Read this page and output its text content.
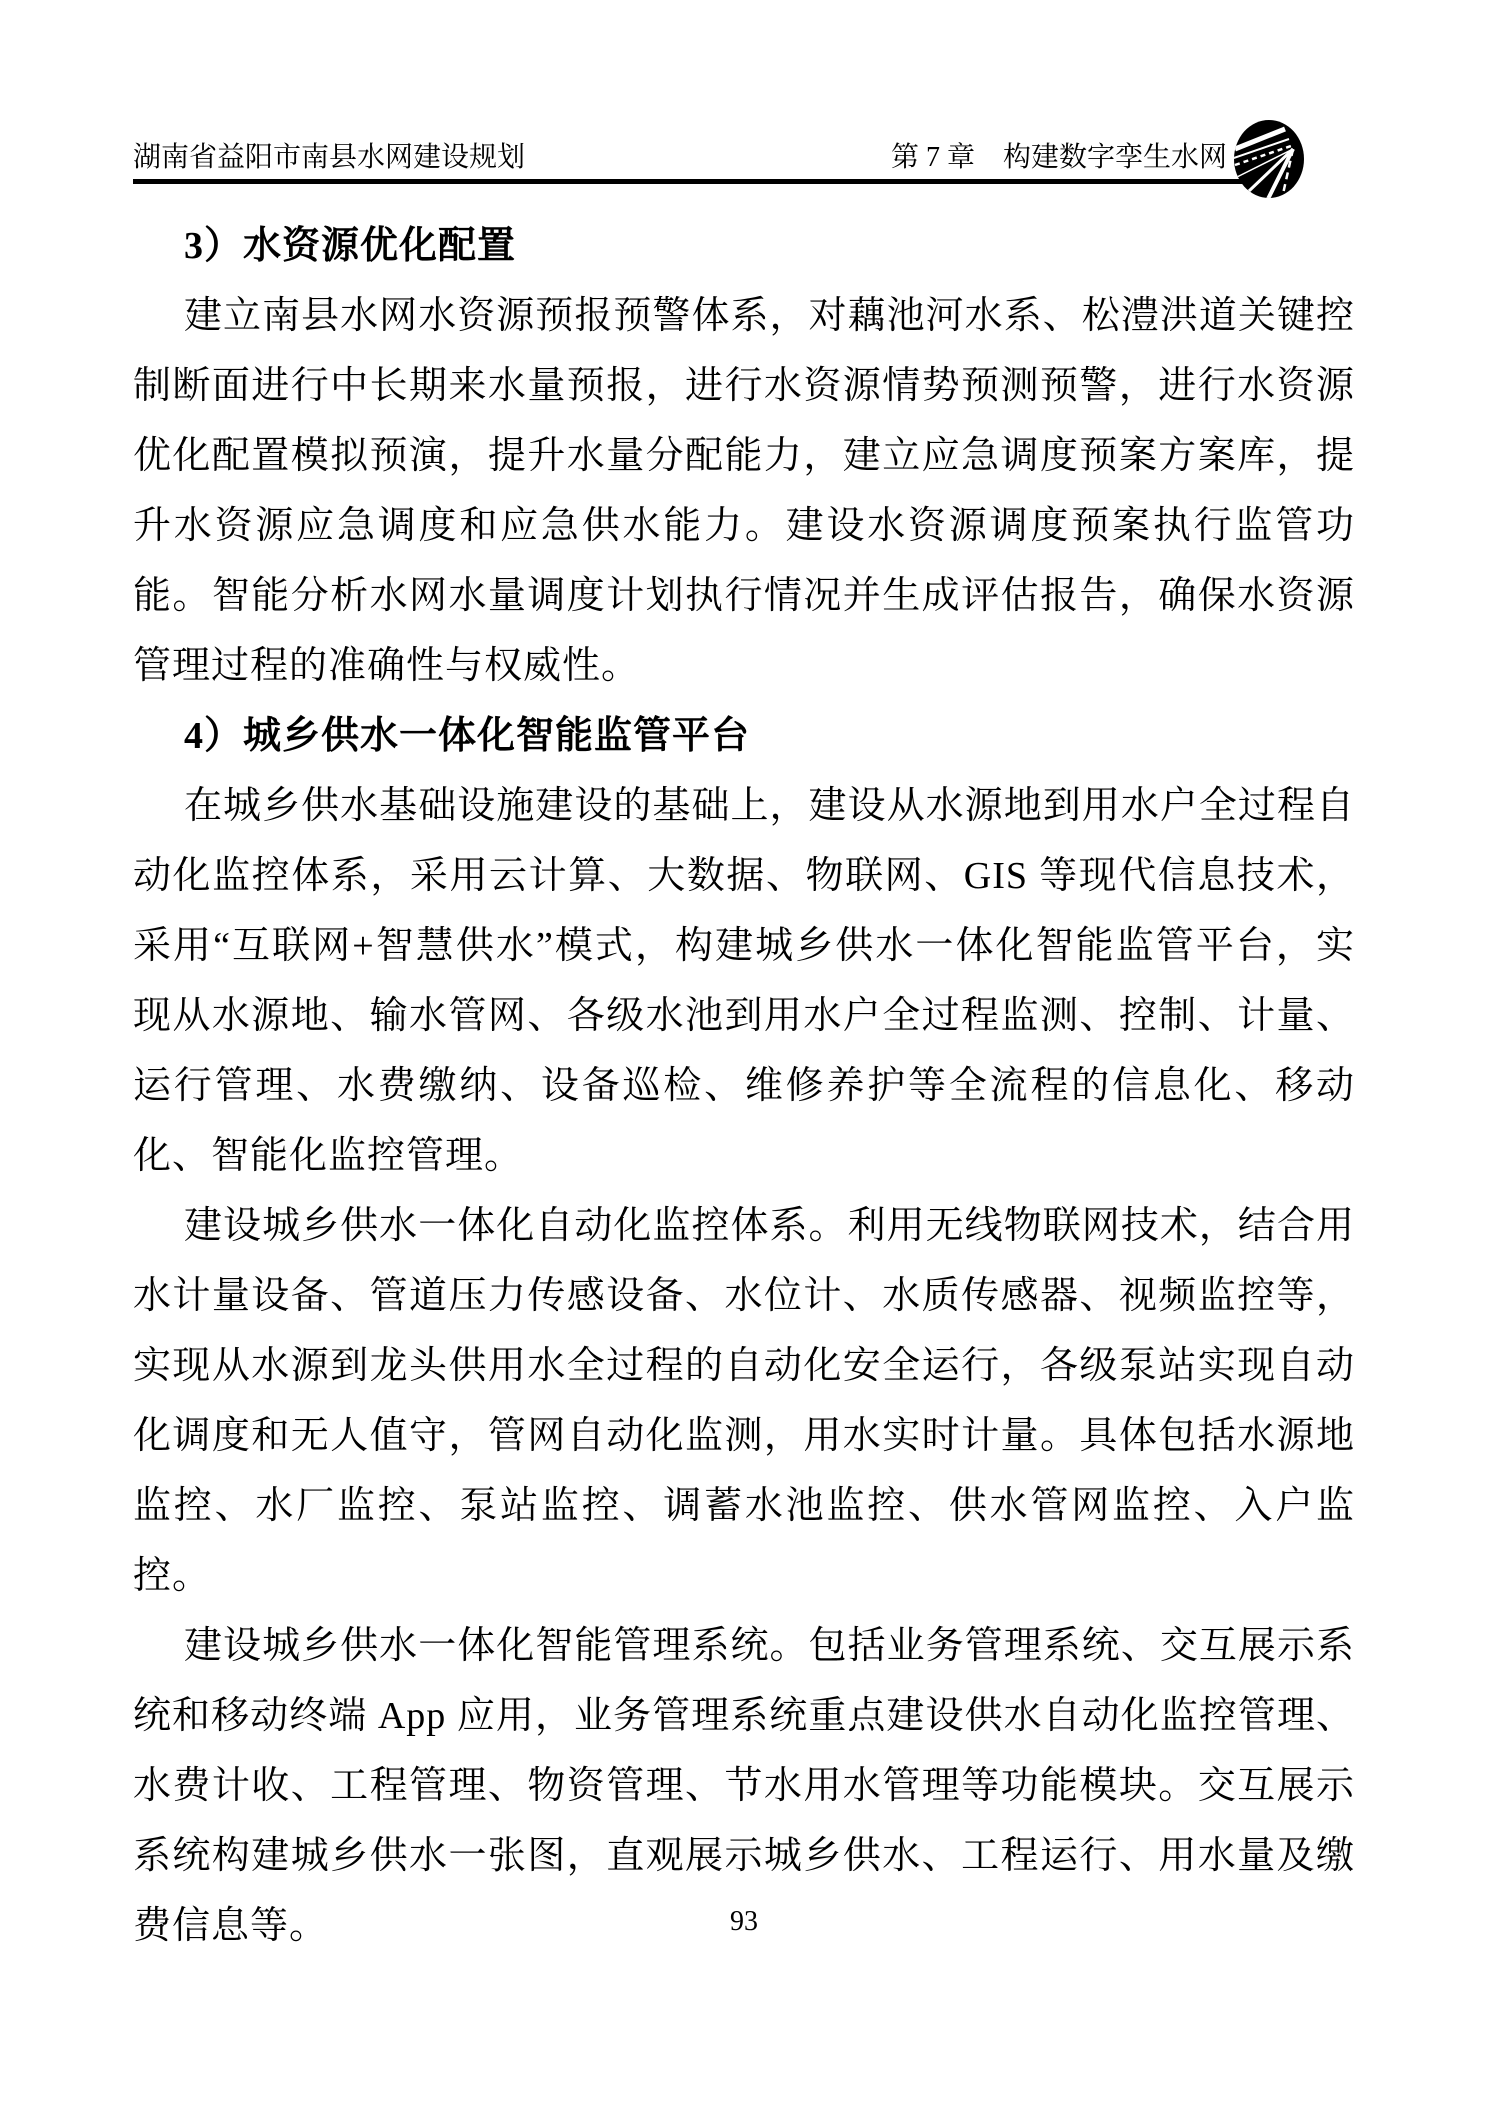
湖南省益阳市南县水网建设规划	第 7 章　构建数字孪生水网
3）水资源优化配置

建立南县水网水资源预报预警体系，对藕池河水系、松澧洪道关键控制断面进行中长期来水量预报，进行水资源情势预测预警，进行水资源优化配置模拟预演，提升水量分配能力，建立应急调度预案方案库，提升水资源应急调度和应急供水能力。建设水资源调度预案执行监管功能。智能分析水网水量调度计划执行情况并生成评估报告，确保水资源管理过程的准确性与权威性。

4）城乡供水一体化智能监管平台

在城乡供水基础设施建设的基础上，建设从水源地到用水户全过程自动化监控体系，采用云计算、大数据、物联网、GIS 等现代信息技术，采用“互联网+智慧供水”模式，构建城乡供水一体化智能监管平台，实现从水源地、输水管网、各级水池到用水户全过程监测、控制、计量、运行管理、水费缴纳、设备巡检、维修养护等全流程的信息化、移动化、智能化监控管理。

建设城乡供水一体化自动化监控体系。利用无线物联网技术，结合用水计量设备、管道压力传感设备、水位计、水质传感器、视频监控等，实现从水源到龙头供用水全过程的自动化安全运行，各级泵站实现自动化调度和无人值守，管网自动化监测，用水实时计量。具体包括水源地监控、水厂监控、泵站监控、调蓄水池监控、供水管网监控、入户监控。

建设城乡供水一体化智能管理系统。包括业务管理系统、交互展示系统和移动终端 App 应用，业务管理系统重点建设供水自动化监控管理、水费计收、工程管理、物资管理、节水用水管理等功能模块。交互展示系统构建城乡供水一张图，直观展示城乡供水、工程运行、用水量及缴费信息等。	93
